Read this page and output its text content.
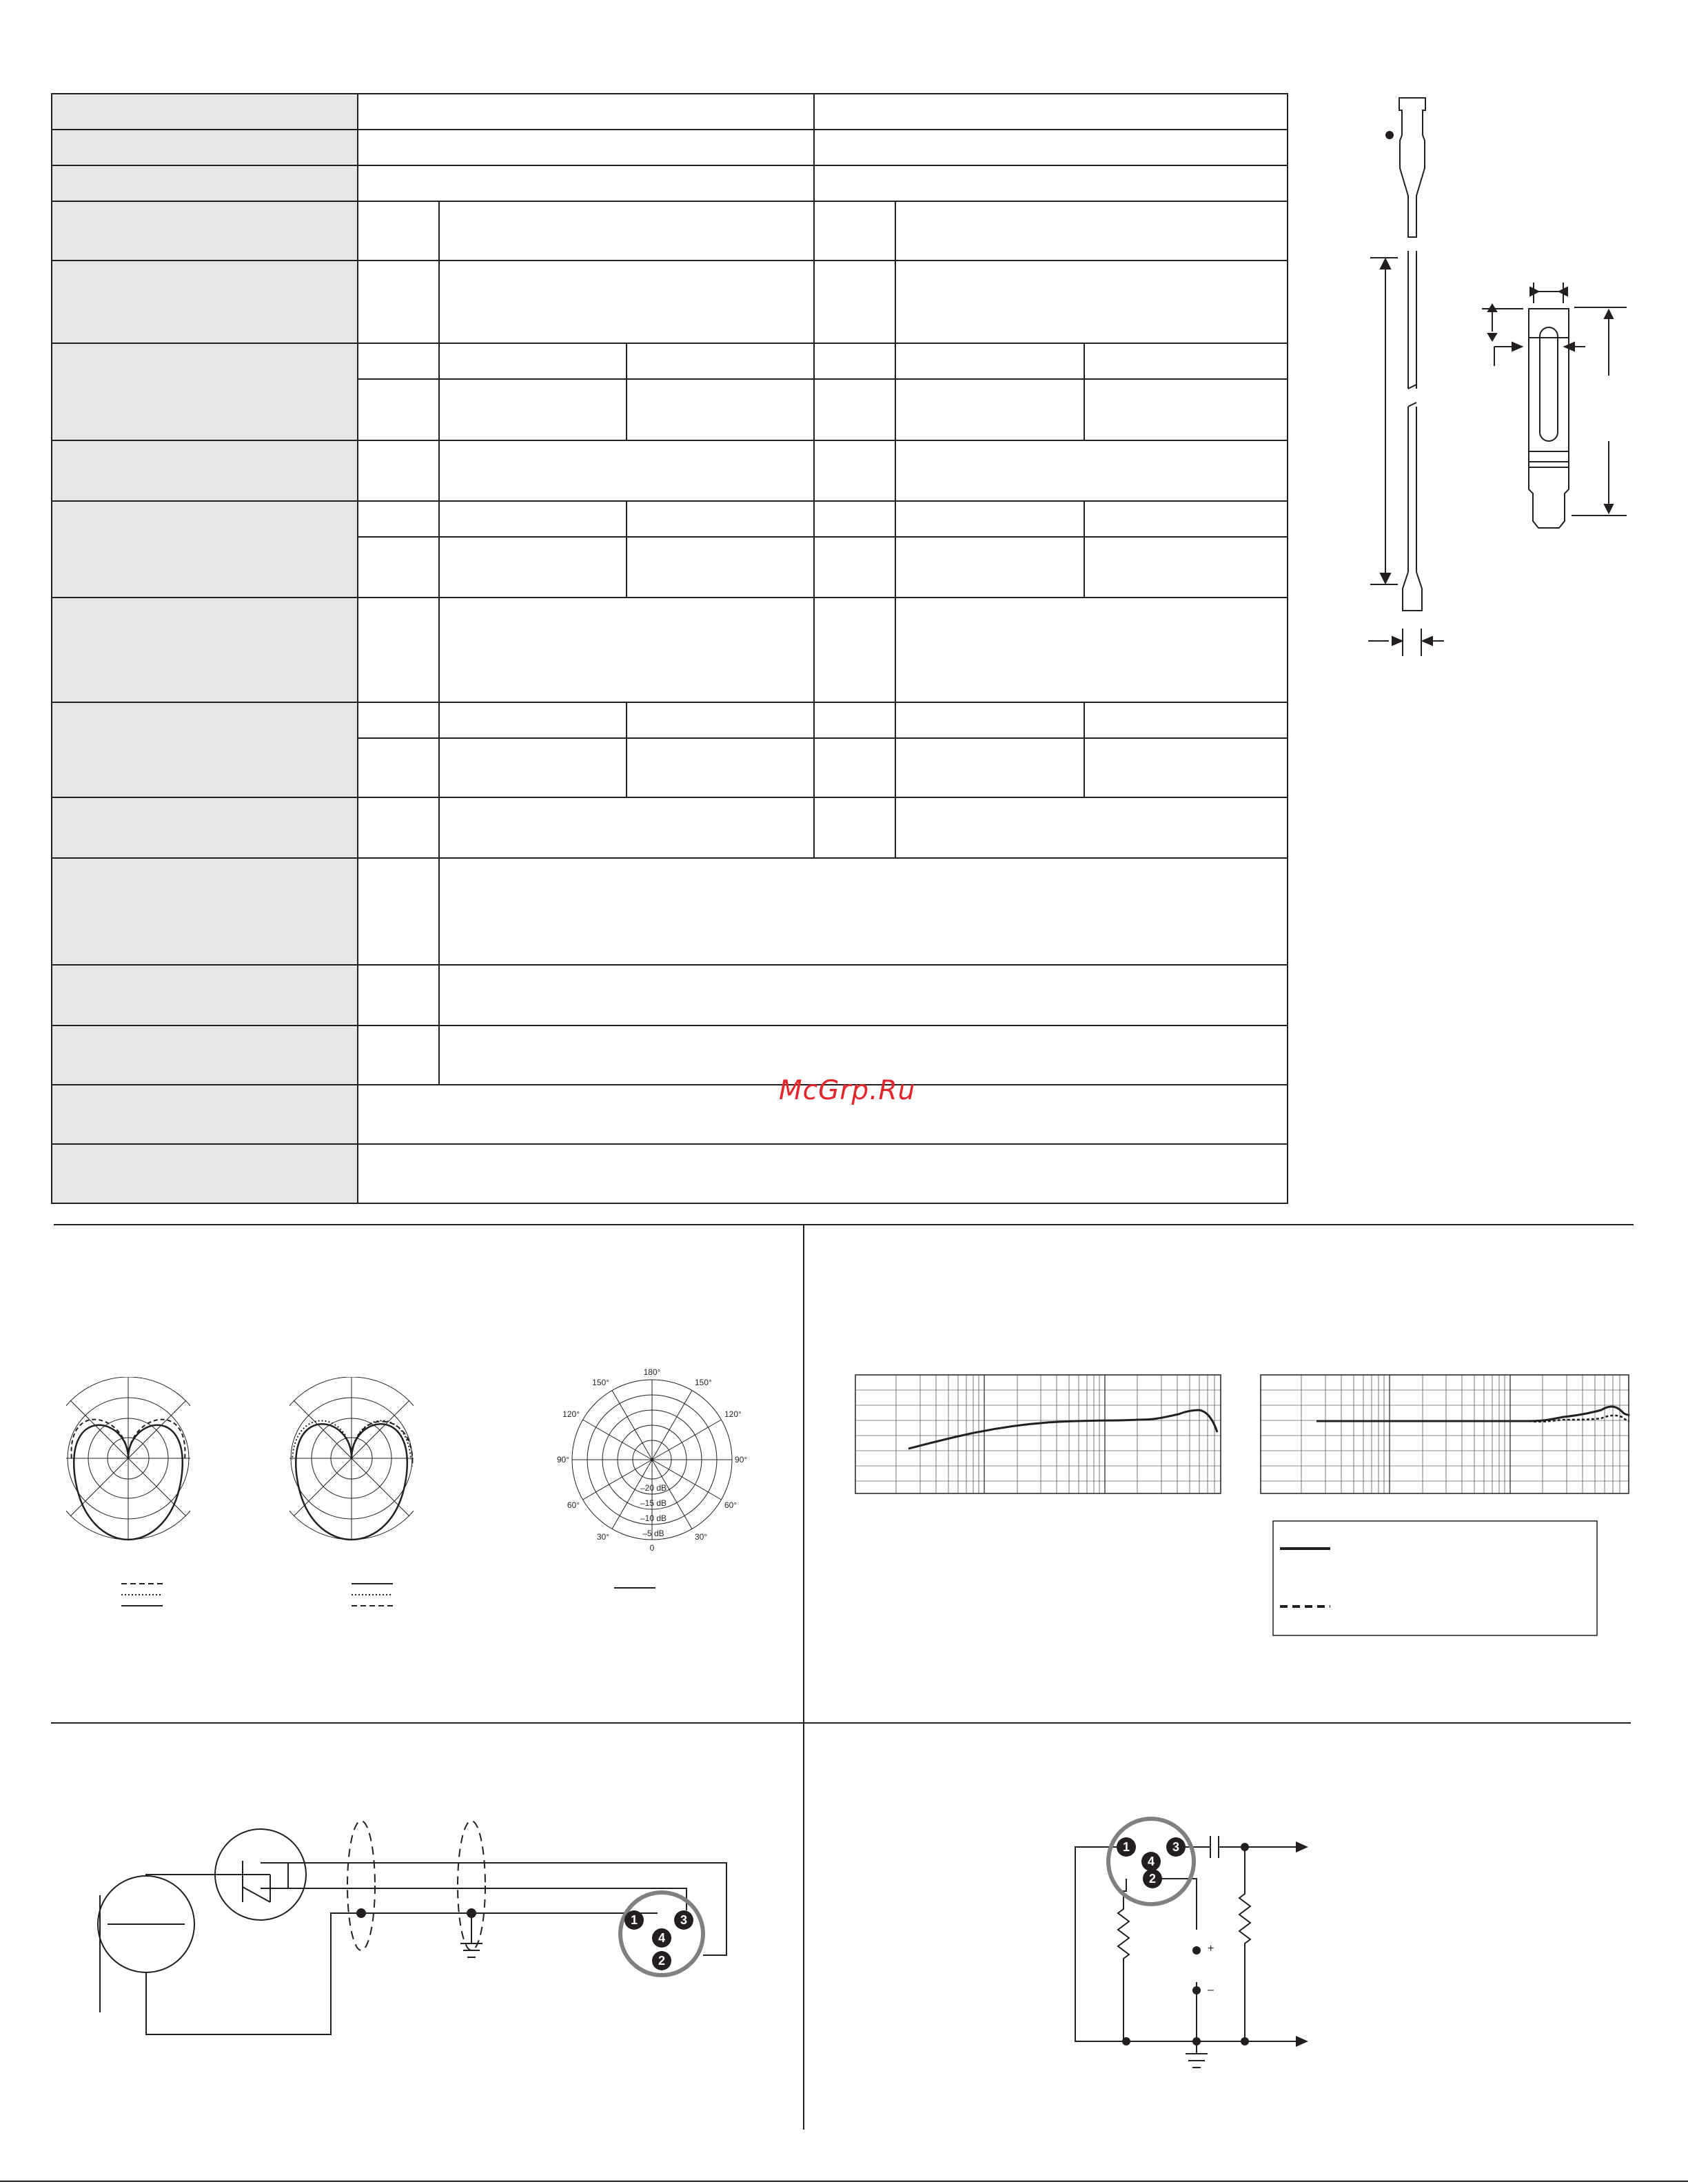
McGrp.Ru
180°
150°	150°
120°	120°
90°	90°
60°	60°
30°	30°
0
–20 dB
–15 dB
–10 dB
–5 dB
1	3
4
2
+
–
1	3
4
2
